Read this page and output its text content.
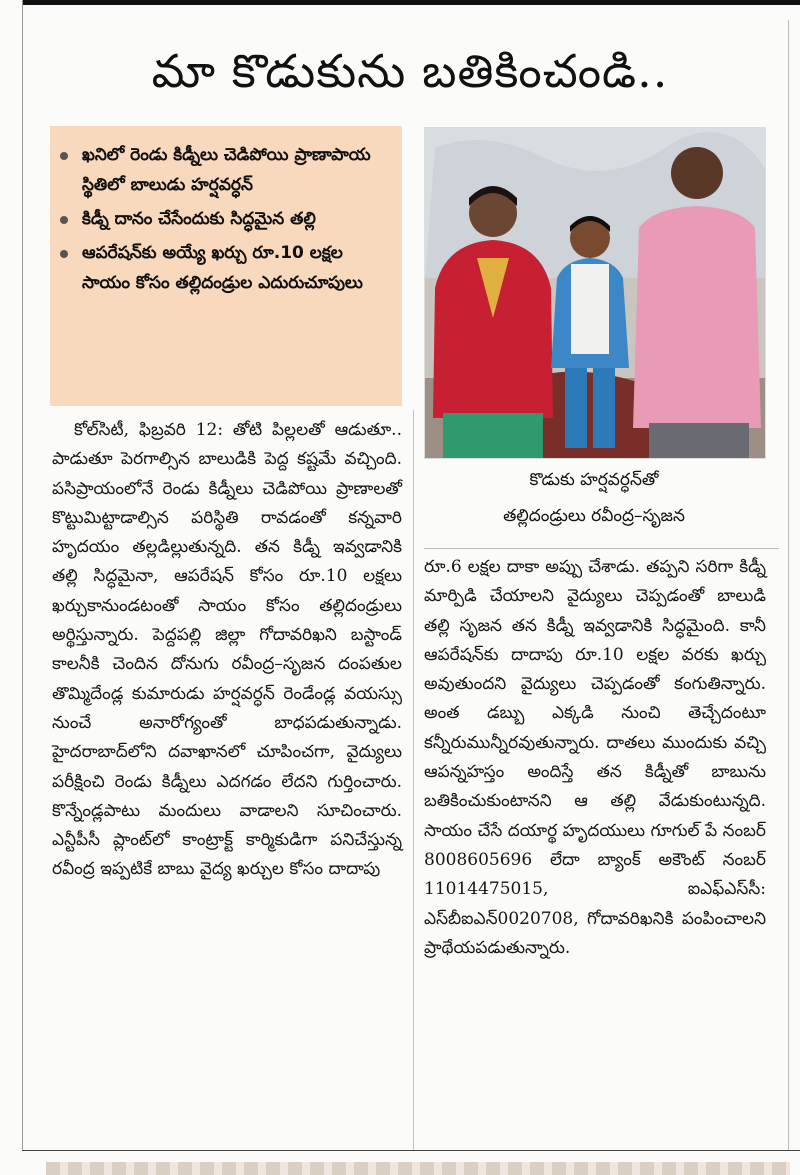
మా కొడుకును బతికించండి..
ఖనిలో రెండు కిడ్నీలు చెడిపోయి ప్రాణాపాయ స్థితిలో బాలుడు హర్షవర్ధన్
కిడ్నీ దానం చేసేందుకు సిద్ధమైన తల్లి
ఆపరేషన్‌కు అయ్యే ఖర్చు రూ.10 లక్షల సాయం కోసం తల్లిదండ్రుల ఎదురుచూపులు
కొడుకు హర్షవర్ధన్‌తో
తల్లిదండ్రులు రవీంద్ర–సృజన

కోల్‌సిటీ, ఫిబ్రవరి 12: తోటి పిల్లలతో ఆడుతూ.. పాడుతూ పెరగాల్సిన బాలుడికి పెద్ద కష్టమే వచ్చింది. పసిప్రాయంలోనే రెండు కిడ్నీలు చెడిపోయి ప్రాణాలతో కొట్టుమిట్టాడాల్సిన పరిస్థితి రావడంతో కన్నవారి హృదయం తల్లడిల్లుతున్నది. తన కిడ్నీ ఇవ్వడానికి తల్లి సిద్ధమైనా, ఆపరేషన్ కోసం రూ.10 లక్షలు ఖర్చుకానుండటంతో సాయం కోసం తల్లిదండ్రులు అర్థిస్తున్నారు. పెద్దపల్లి జిల్లా గోదావరిఖని బస్టాండ్ కాలనీకి చెందిన దోనుగు రవీంద్ర–సృజన దంపతుల తొమ్మిదేండ్ల కుమారుడు హర్షవర్ధన్ రెండేండ్ల వయస్సు నుంచే అనారోగ్యంతో బాధపడుతున్నాడు. హైదరాబాద్‌లోని దవాఖానలో చూపించగా, వైద్యులు పరీక్షించి రెండు కిడ్నీలు ఎదగడం లేదని గుర్తించారు. కొన్నేండ్లపాటు మందులు వాడాలని సూచించారు. ఎన్టీపీసీ ప్లాంట్‌లో కాంట్రాక్ట్ కార్మికుడిగా పనిచేస్తున్న రవీంద్ర ఇప్పటికే బాబు వైద్య ఖర్చుల కోసం దాదాపు

రూ.6 లక్షల దాకా అప్పు చేశాడు. తప్పని సరిగా కిడ్నీ మార్పిడి చేయాలని వైద్యులు చెప్పడంతో బాలుడి తల్లి సృజన తన కిడ్నీ ఇవ్వడానికి సిద్ధమైంది. కానీ ఆపరేషన్‌కు దాదాపు రూ.10 లక్షల వరకు ఖర్చు అవుతుందని వైద్యులు చెప్పడంతో కంగుతిన్నారు. అంత డబ్బు ఎక్కడి నుంచి తెచ్చేదంటూ కన్నీరుమున్నీరవుతున్నారు. దాతలు ముందుకు వచ్చి ఆపన్నహస్తం అందిస్తే తన కిడ్నీతో బాబును బతికించుకుంటానని ఆ తల్లి వేడుకుంటున్నది. సాయం చేసే దయార్థ హృదయులు గూగుల్ పే నంబర్ 8008605696 లేదా బ్యాంక్ అకౌంట్ నంబర్ 11014475015, ఐఎఫ్ఎస్‌సీ: ఎస్‌బీఐఎన్0020708, గోదావరిఖనికి పంపించాలని ప్రాథేయపడుతున్నారు.
